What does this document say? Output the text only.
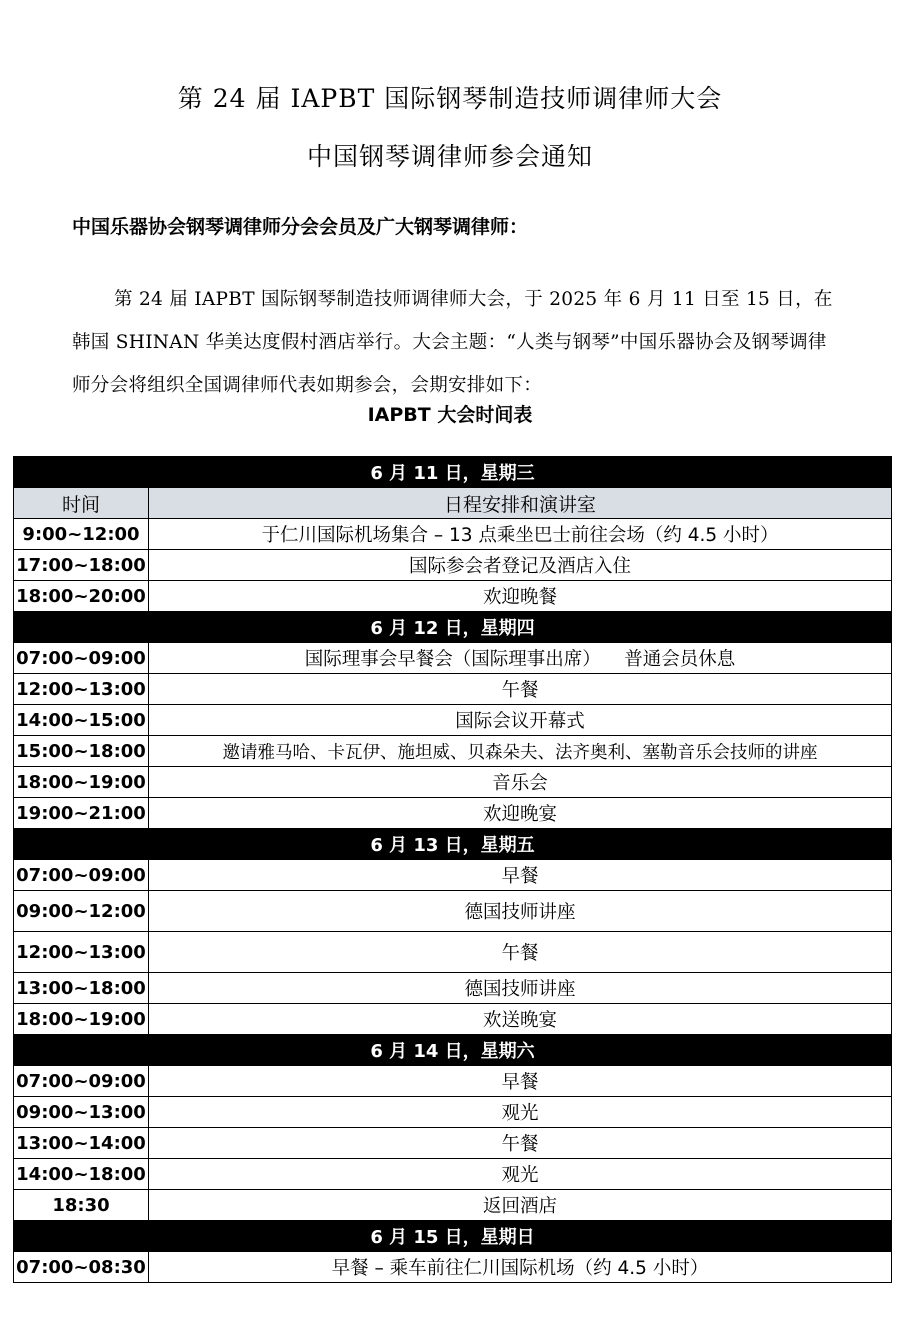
第 24 届 IAPBT 国际钢琴制造技师调律师大会
中国钢琴调律师参会通知
中国乐器协会钢琴调律师分会会员及广大钢琴调律师：
第 24 届 IAPBT 国际钢琴制造技师调律师大会，于 2025 年 6 月 11 日至 15 日，在韩国 SHINAN 华美达度假村酒店举行。大会主题：“人类与钢琴”中国乐器协会及钢琴调律师分会将组织全国调律师代表如期参会，会期安排如下：
IAPBT 大会时间表
6 月 11 日，星期三	
时间	日程安排和演讲室
9:00~12:00	于仁川国际机场集合 – 13 点乘坐巴士前往会场（约 4.5 小时）
17:00~18:00	国际参会者登记及酒店入住
18:00~20:00	欢迎晚餐
6 月 12 日，星期四	
07:00~09:00	国际理事会早餐会（国际理事出席）    普通会员休息
12:00~13:00	午餐
14:00~15:00	国际会议开幕式
15:00~18:00	邀请雅马哈、卡瓦伊、施坦威、贝森朵夫、法齐奥利、塞勒音乐会技师的讲座
18:00~19:00	音乐会
19:00~21:00	欢迎晚宴
6 月 13 日，星期五	
07:00~09:00	早餐
09:00~12:00	德国技师讲座
12:00~13:00	午餐
13:00~18:00	德国技师讲座
18:00~19:00	欢送晚宴
6 月 14 日，星期六	
07:00~09:00	早餐
09:00~13:00	观光
13:00~14:00	午餐
14:00~18:00	观光
18:30	返回酒店
6 月 15 日，星期日	
07:00~08:30	早餐 – 乘车前往仁川国际机场（约 4.5 小时）
